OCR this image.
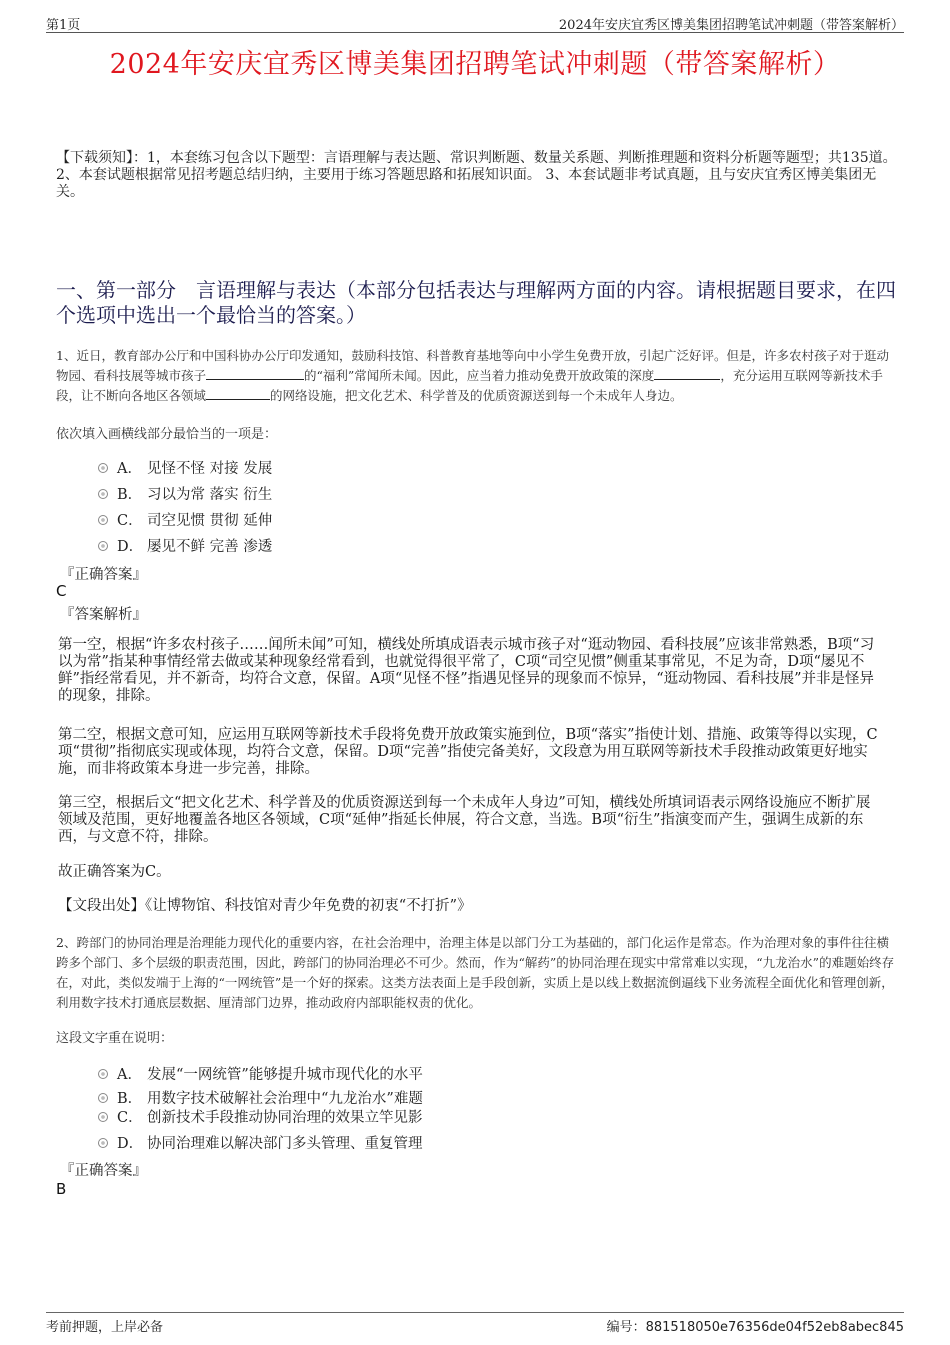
第1页	2024年安庆宜秀区博美集团招聘笔试冲刺题（带答案解析）
2024年安庆宜秀区博美集团招聘笔试冲刺题（带答案解析）
【下载须知】：1，本套练习包含以下题型：言语理解与表达题、常识判断题、数量关系题、判断推理题和资料分析题等题型；共135道。 2、本套试题根据常见招考题总结归纳，主要用于练习答题思路和拓展知识面。 3、本套试题非考试真题，且与安庆宜秀区博美集团无关。
一、第一部分　言语理解与表达（本部分包括表达与理解两方面的内容。请根据题目要求，在四个选项中选出一个最恰当的答案。）
1、近日，教育部办公厅和中国科协办公厅印发通知，鼓励科技馆、科普教育基地等向中小学生免费开放，引起广泛好评。但是，许多农村孩子对于逛动物园、看科技展等城市孩子	的“福利”常闻所未闻。因此，应当着力推动免费开放政策的深度	，充分运用互联网等新技术手段，让不断向各地区各领域	的网络设施，把文化艺术、科学普及的优质资源送到每一个未成年人身边。
依次填入画横线部分最恰当的一项是：
A． 见怪不怪 对接 发展
B． 习以为常 落实 衍生
C． 司空见惯 贯彻 延伸
D． 屡见不鲜 完善 渗透
『正确答案』
C
『答案解析』
第一空，根据“许多农村孩子……闻所未闻”可知，横线处所填成语表示城市孩子对“逛动物园、看科技展”应该非常熟悉，B项“习以为常”指某种事情经常去做或某种现象经常看到，也就觉得很平常了，C项“司空见惯”侧重某事常见，不足为奇，D项“屡见不鲜”指经常看见，并不新奇，均符合文意，保留。A项“见怪不怪”指遇见怪异的现象而不惊异，“逛动物园、看科技展”并非是怪异的现象，排除。
第二空，根据文意可知，应运用互联网等新技术手段将免费开放政策实施到位，B项“落实”指使计划、措施、政策等得以实现，C项“贯彻”指彻底实现或体现，均符合文意，保留。D项“完善”指使完备美好，文段意为用互联网等新技术手段推动政策更好地实施，而非将政策本身进一步完善，排除。
第三空，根据后文“把文化艺术、科学普及的优质资源送到每一个未成年人身边”可知，横线处所填词语表示网络设施应不断扩展领域及范围，更好地覆盖各地区各领域，C项“延伸”指延长伸展，符合文意，当选。B项“衍生”指演变而产生，强调生成新的东西，与文意不符，排除。
故正确答案为C。
【文段出处】《让博物馆、科技馆对青少年免费的初衷“不打折”》
2、跨部门的协同治理是治理能力现代化的重要内容，在社会治理中，治理主体是以部门分工为基础的，部门化运作是常态。作为治理对象的事件往往横跨多个部门、多个层级的职责范围，因此，跨部门的协同治理必不可少。然而，作为“解药”的协同治理在现实中常常难以实现，“九龙治水”的难题始终存在，对此，类似发端于上海的“一网统管”是一个好的探索。这类方法表面上是手段创新，实质上是以线上数据流倒逼线下业务流程全面优化和管理创新，利用数字技术打通底层数据、厘清部门边界，推动政府内部职能权责的优化。
这段文字重在说明：
A． 发展“一网统管”能够提升城市现代化的水平
B． 用数字技术破解社会治理中“九龙治水”难题
C． 创新技术手段推动协同治理的效果立竿见影
D． 协同治理难以解决部门多头管理、重复管理
『正确答案』
B
考前押题，上岸必备	编号：881518050e76356de04f52eb8abec845
